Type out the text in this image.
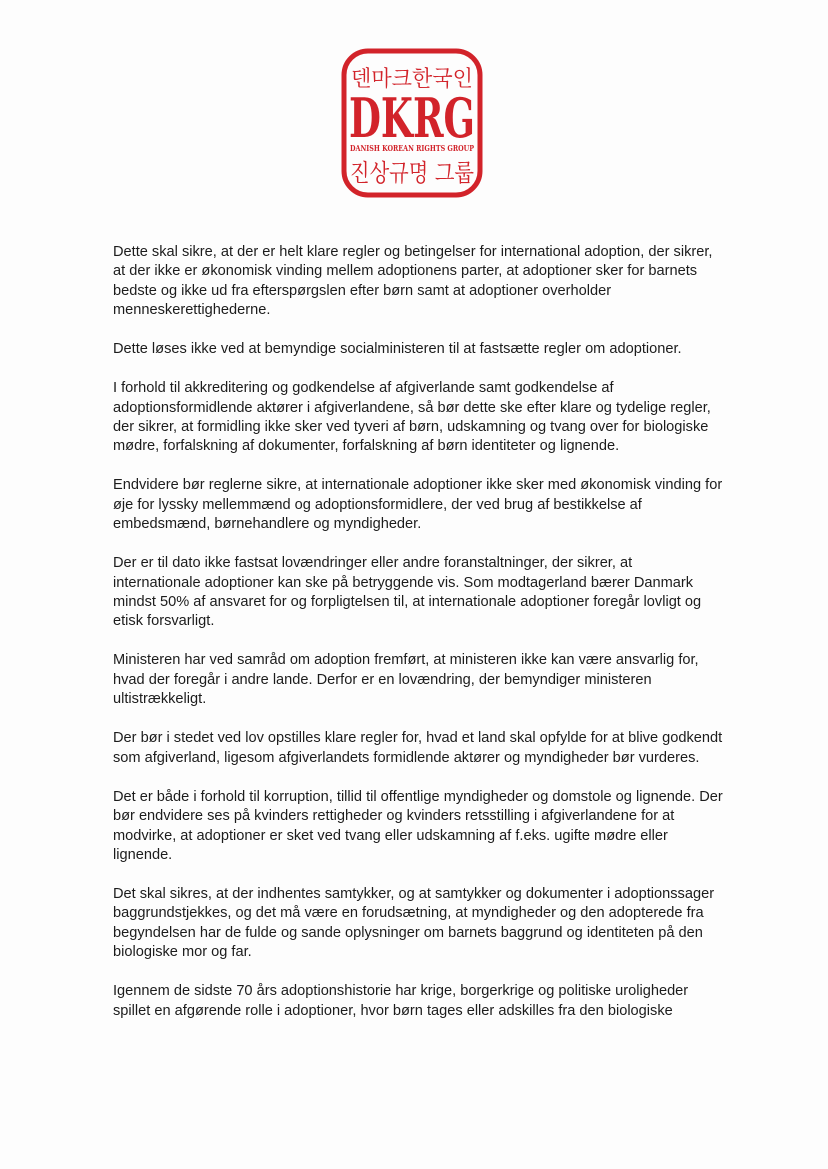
덴마크한국인
DKRG
DANISH KOREAN RIGHTS GROUP
진상규명 그룹

Dette skal sikre, at der er helt klare regler og betingelser for international adoption, der sikrer, at der ikke er økonomisk vinding mellem adoptionens parter, at adoptioner sker for barnets bedste og ikke ud fra efterspørgslen efter børn samt at adoptioner overholder menneskerettighederne.

Dette løses ikke ved at bemyndige socialministeren til at fastsætte regler om adoptioner.

I forhold til akkreditering og godkendelse af afgiverlande samt godkendelse af adoptionsformidlende aktører i afgiverlandene, så bør dette ske efter klare og tydelige regler, der sikrer, at formidling ikke sker ved tyveri af børn, udskamning og tvang over for biologiske mødre, forfalskning af dokumenter, forfalskning af børn identiteter og lignende.

Endvidere bør reglerne sikre, at internationale adoptioner ikke sker med økonomisk vinding for øje for lyssky mellemmænd og adoptionsformidlere, der ved brug af bestikkelse af embedsmænd, børnehandlere og myndigheder.

Der er til dato ikke fastsat lovændringer eller andre foranstaltninger, der sikrer, at internationale adoptioner kan ske på betryggende vis. Som modtagerland bærer Danmark mindst 50% af ansvaret for og forpligtelsen til, at internationale adoptioner foregår lovligt og etisk forsvarligt.

Ministeren har ved samråd om adoption fremført, at ministeren ikke kan være ansvarlig for, hvad der foregår i andre lande. Derfor er en lovændring, der bemyndiger ministeren ultistrækkeligt.

Der bør i stedet ved lov opstilles klare regler for, hvad et land skal opfylde for at blive godkendt som afgiverland, ligesom afgiverlandets formidlende aktører og myndigheder bør vurderes.

Det er både i forhold til korruption, tillid til offentlige myndigheder og domstole og lignende. Der bør endvidere ses på kvinders rettigheder og kvinders retsstilling i afgiverlandene for at modvirke, at adoptioner er sket ved tvang eller udskamning af f.eks. ugifte mødre eller lignende.

Det skal sikres, at der indhentes samtykker, og at samtykker og dokumenter i adoptionssager baggrundstjekkes, og det må være en forudsætning, at myndigheder og den adopterede fra begyndelsen har de fulde og sande oplysninger om barnets baggrund og identiteten på den biologiske mor og far.

Igennem de sidste 70 års adoptionshistorie har krige, borgerkrige og politiske uroligheder spillet en afgørende rolle i adoptioner, hvor børn tages eller adskilles fra den biologiske
